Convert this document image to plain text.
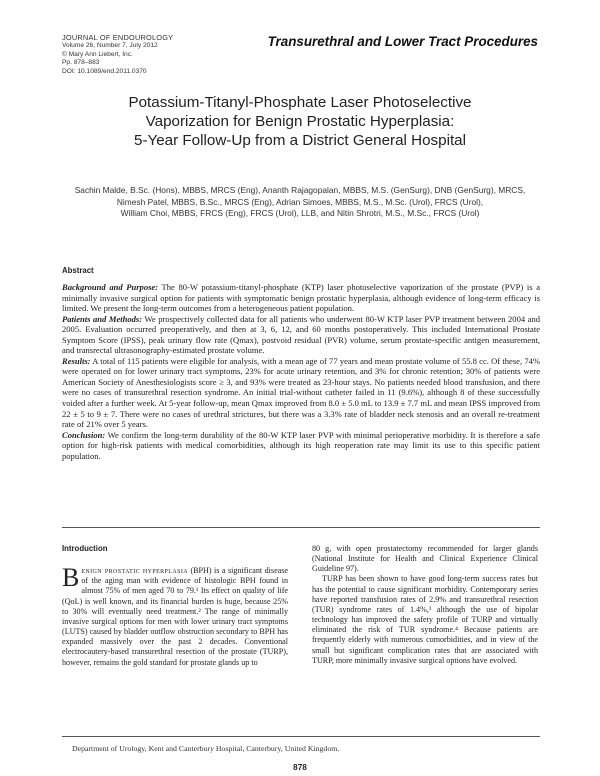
JOURNAL OF ENDOUROLOGY
Volume 26, Number 7, July 2012
© Mary Ann Liebert, Inc.
Pp. 878–883
DOI: 10.1089/end.2011.0370
Transurethral and Lower Tract Procedures
Potassium-Titanyl-Phosphate Laser Photoselective
Vaporization for Benign Prostatic Hyperplasia:
5-Year Follow-Up from a District General Hospital
Sachin Malde, B.Sc. (Hons), MBBS, MRCS (Eng), Ananth Rajagopalan, MBBS, M.S. (GenSurg), DNB (GenSurg), MRCS,
Nimesh Patel, MBBS, B.Sc., MRCS (Eng), Adrian Simoes, MBBS, M.S., M.Sc. (Urol), FRCS (Urol),
William Choi, MBBS, FRCS (Eng), FRCS (Urol), LLB, and Nitin Shrotri, M.S., M.Sc., FRCS (Urol)
Abstract

Background and Purpose: The 80-W potassium-titanyl-phosphate (KTP) laser photoselective vaporization of the prostate (PVP) is a minimally invasive surgical option for patients with symptomatic benign prostatic hyperplasia, although evidence of long-term efficacy is limited. We present the long-term outcomes from a heterogeneous patient population.

Patients and Methods: We prospectively collected data for all patients who underwent 80-W KTP laser PVP treatment between 2004 and 2005. Evaluation occurred preoperatively, and then at 3, 6, 12, and 60 months postoperatively. This included International Prostate Symptom Score (IPSS), peak urinary flow rate (Qmax), postvoid residual (PVR) volume, serum prostate-specific antigen measurement, and transrectal ultrasonography-estimated prostate volume.

Results: A total of 115 patients were eligible for analysis, with a mean age of 77 years and mean prostate volume of 55.8 cc. Of these, 74% were operated on for lower urinary tract symptoms, 23% for acute urinary retention, and 3% for chronic retention; 30% of patients were American Society of Anesthesiologists score ≥ 3, and 93% were treated as 23-hour stays. No patients needed blood transfusion, and there were no cases of transurethral resection syndrome. An initial trial-without catheter failed in 11 (9.6%), although 8 of these successfully voided after a further week. At 5-year follow-up, mean Qmax improved from 8.0 ± 5.0 mL to 13.9 ± 7.7 mL and mean IPSS improved from 22 ± 5 to 9 ± 7. There were no cases of urethral strictures, but there was a 3.3% rate of bladder neck stenosis and an overall re-treatment rate of 21% over 5 years.

Conclusion: We confirm the long-term durability of the 80-W KTP laser PVP with minimal perioperative morbidity. It is therefore a safe option for high-risk patients with medical comorbidities, although its high reoperation rate may limit its use to this specific patient population.

Introduction

Benign prostatic hyperplasia (BPH) is a significant disease of the aging man with evidence of histologic BPH found in almost 75% of men aged 70 to 79.¹ Its effect on quality of life (QoL) is well known, and its financial burden is huge, because 25% to 30% will eventually need treatment.² The range of minimally invasive surgical options for men with lower urinary tract symptoms (LUTS) caused by bladder outflow obstruction secondary to BPH has expanded massively over the past 2 decades. Conventional electrocautery-based transurethral resection of the prostate (TURP), however, remains the gold standard for prostate glands up to

80 g, with open prostatectomy recommended for larger glands (National Institute for Health and Clinical Experience Clinical Guideline 97).

TURP has been shown to have good long-term success rates but has the potential to cause significant morbidity. Contemporary series have reported transfusion rates of 2.9% and transurethral resection (TUR) syndrome rates of 1.4%,³ although the use of bipolar technology has improved the safety profile of TURP and virtually eliminated the risk of TUR syndrome.⁴ Because patients are frequently elderly with numerous comorbidities, and in view of the small but significant complication rates that are associated with TURP, more minimally invasive surgical options have evolved.

Department of Urology, Kent and Canterbury Hospital, Canterbury, United Kingdom.
878
